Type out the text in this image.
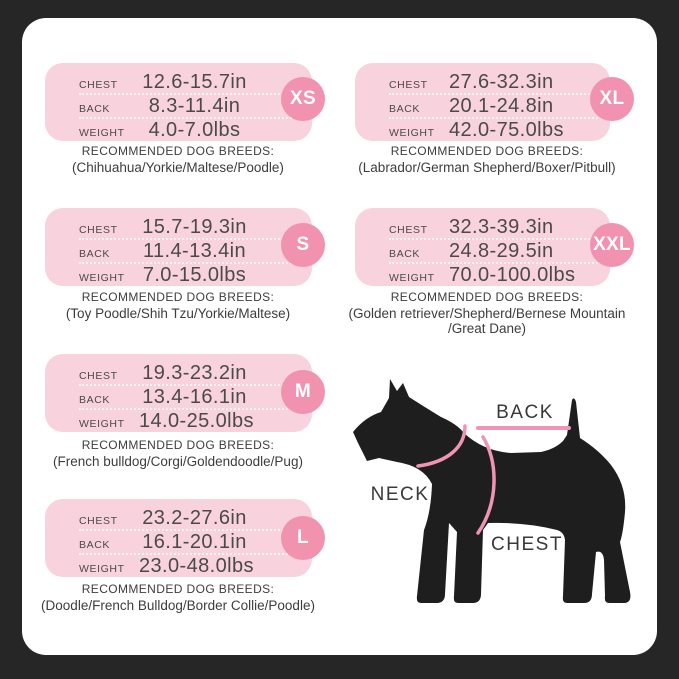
CHEST	12.6-15.7in
BACK	8.3-11.4in
WEIGHT	4.0-7.0lbs
XS
RECOMMENDED DOG BREEDS:
(Chihuahua/Yorkie/Maltese/Poodle)
CHEST	27.6-32.3in
BACK	20.1-24.8in
WEIGHT 42.0-75.0lbs
XL
RECOMMENDED DOG BREEDS:
(Labrador/German Shepherd/Boxer/Pitbull)
CHEST	15.7-19.3in
BACK	11.4-13.4in
WEIGHT 7.0-15.0lbs
S
RECOMMENDED DOG BREEDS:
(Toy Poodle/Shih Tzu/Yorkie/Maltese)
CHEST	32.3-39.3in
BACK	24.8-29.5in
WEIGHT 70.0-100.0lbs
XXL
RECOMMENDED DOG BREEDS:
(Golden retriever/Shepherd/Bernese Mountain
/Great Dane)
CHEST	19.3-23.2in
BACK	13.4-16.1in
WEIGHT 14.0-25.0lbs
M
RECOMMENDED DOG BREEDS:
(French bulldog/Corgi/Goldendoodle/Pug)
CHEST	23.2-27.6in
BACK	16.1-20.1in
WEIGHT 23.0-48.0lbs
L
RECOMMENDED DOG BREEDS:
(Doodle/French Bulldog/Border Collie/Poodle)
BACK
NECK
CHEST
